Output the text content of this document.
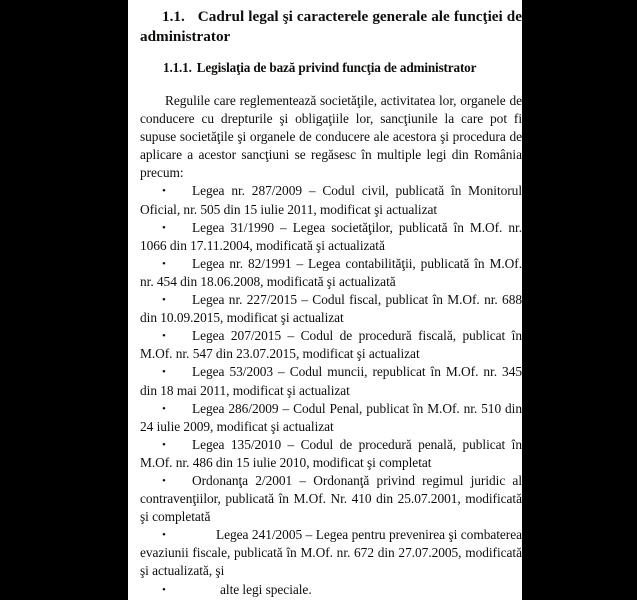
1.1. Cadrul legal şi caracterele generale ale funcţiei de administrator
1.1.1. Legislaţia de bază privind funcţia de administrator

Regulile care reglementează societăţile, activitatea lor, organele de conducere cu drepturile şi obligaţiile lor, sancţiunile la care pot fi supuse societăţile şi organele de conducere ale acestora şi procedura de aplicare a acestor sancţiuni se regăsesc în multiple legi din România precum:

• Legea nr. 287/2009 – Codul civil, publicată în Monitorul Oficial, nr. 505 din 15 iulie 2011, modificat şi actualizat
• Legea 31/1990 – Legea societăţilor, publicată în M.Of. nr. 1066 din 17.11.2004, modificată şi actualizată
• Legea nr. 82/1991 – Legea contabilităţii, publicată în M.Of. nr. 454 din 18.06.2008, modificată şi actualizată
• Legea nr. 227/2015 – Codul fiscal, publicat în M.Of. nr. 688 din 10.09.2015, modificat şi actualizat
• Legea 207/2015 – Codul de procedură fiscală, publicat în M.Of. nr. 547 din 23.07.2015, modificat şi actualizat
• Legea 53/2003 – Codul muncii, republicat în M.Of. nr. 345 din 18 mai 2011, modificat şi actualizat
• Legea 286/2009 – Codul Penal, publicat în M.Of. nr. 510 din 24 iulie 2009, modificat şi actualizat
• Legea 135/2010 – Codul de procedură penală, publicat în M.Of. nr. 486 din 15 iulie 2010, modificat şi completat
• Ordonanţa 2/2001 – Ordonanţă privind regimul juridic al contravenţiilor, publicată în M.Of. Nr. 410 din 25.07.2001, modificată şi completată
•	Legea 241/2005 – Legea pentru prevenirea şi combaterea evaziunii fiscale, publicată în M.Of. nr. 672 din 27.07.2005, modificată şi actualizată, şi
•	alte legi speciale.
